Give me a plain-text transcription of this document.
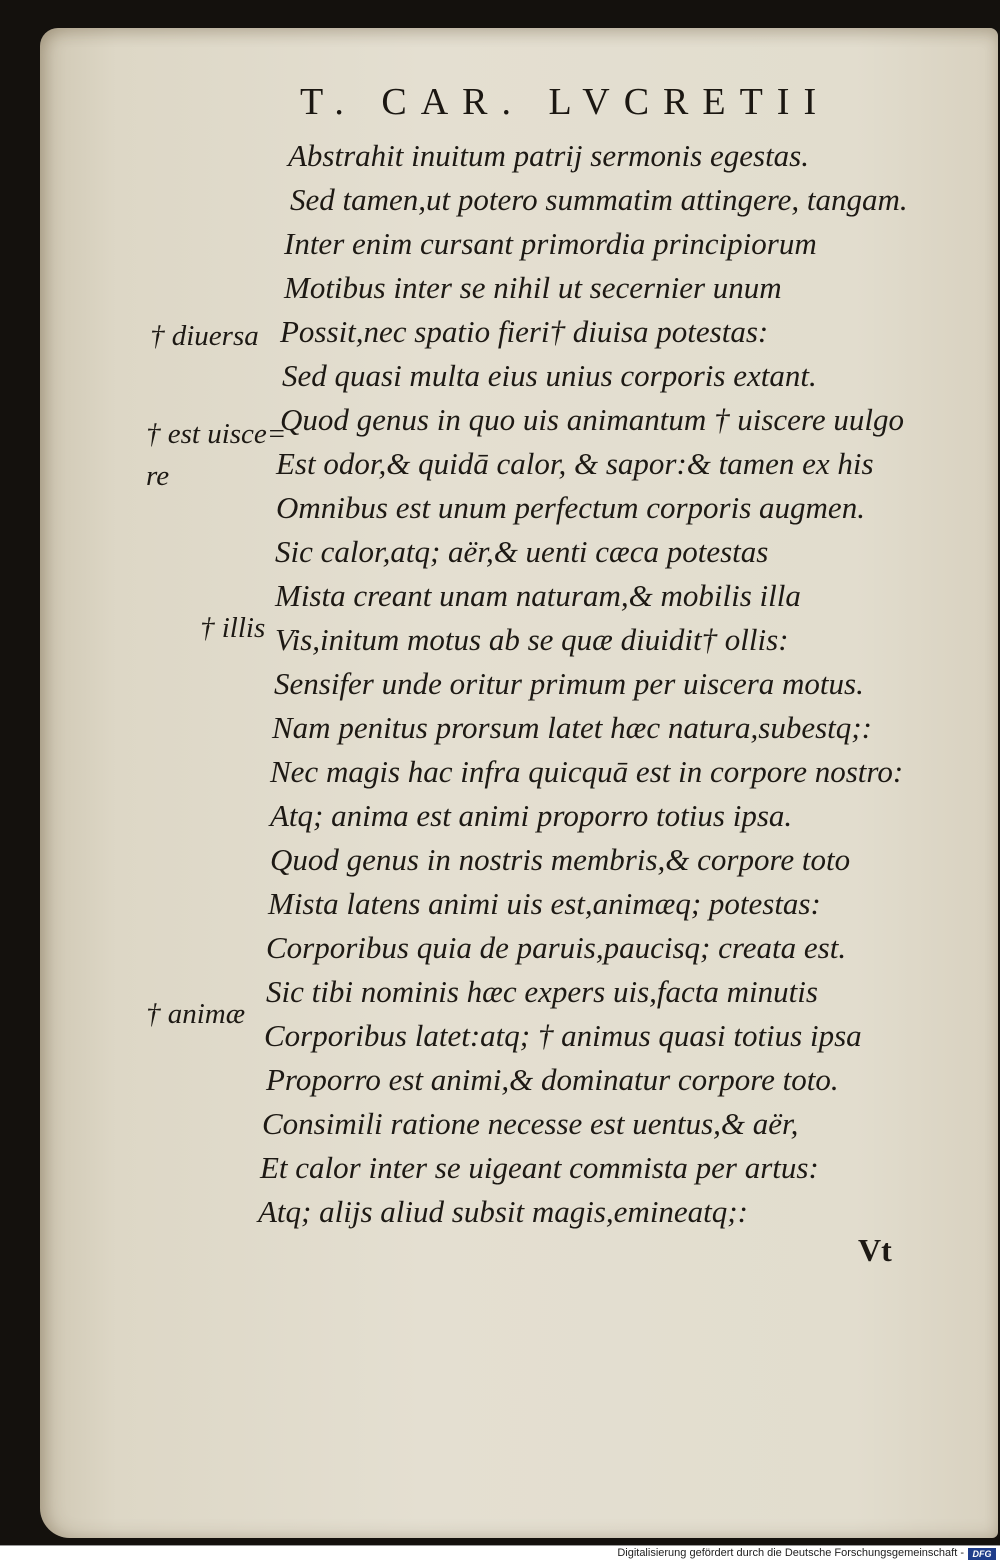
T. CAR. LVCRETII
Abstrahit inuitum patrij sermonis egestas.
Sed tamen,ut potero summatim attingere, tangam.
Inter enim cursant primordia principiorum
Motibus inter se nihil ut secernier unum
Possit,nec spatio fieri† diuisa potestas:
Sed quasi multa eius unius corporis extant.
Quod genus in quo uis animantum † uiscere uulgo
Est odor,& quidā calor, & sapor:& tamen ex his
Omnibus est unum perfectum corporis augmen.
Sic calor,atq; aër,& uenti cæca potestas
Mista creant unam naturam,& mobilis illa
Vis,initum motus ab se quæ diuidit† ollis:
Sensifer unde oritur primum per uiscera motus.
Nam penitus prorsum latet hæc natura,subestq;:
Nec magis hac infra quicquā est in corpore nostro:
Atq; anima est animi proporro totius ipsa.
Quod genus in nostris membris,& corpore toto
Mista latens animi uis est,animæq; potestas:
Corporibus quia de paruis,paucisq; creata est.
Sic tibi nominis hæc expers uis,facta minutis
Corporibus latet:atq; † animus quasi totius ipsa
Proporro est animi,& dominatur corpore toto.
Consimili ratione necesse est uentus,& aër,
Et calor inter se uigeant commista per artus:
Atq; alijs aliud subsit magis,emineatq;:
† diuersa
† est uisce=
re
† illis
† animæ
Vt
Digitalisierung gefördert durch die Deutsche Forschungsgemeinschaft - DFG
